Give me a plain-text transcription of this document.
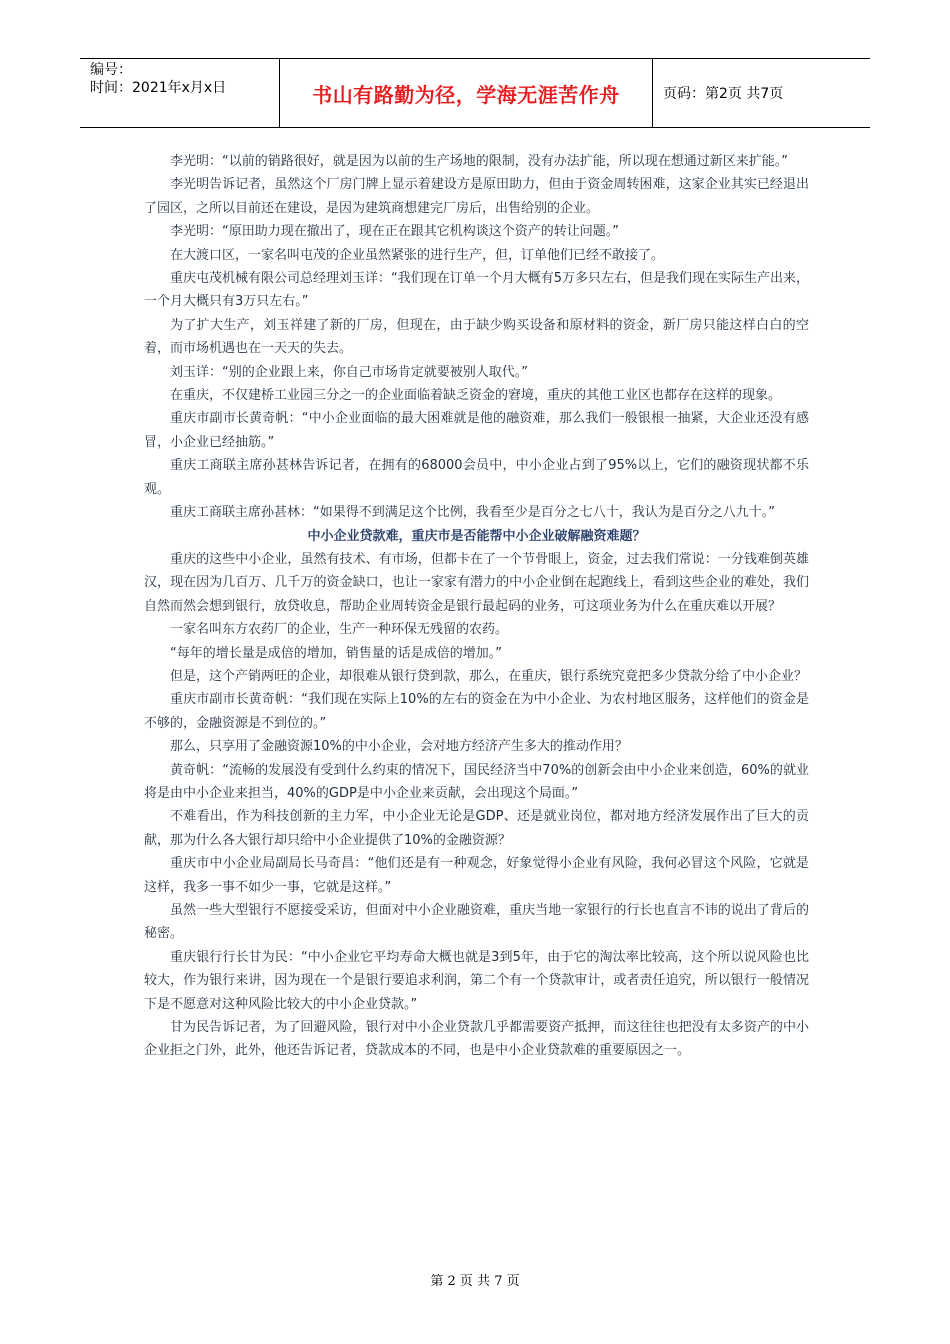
编号：
时间：2021年x月x日	书山有路勤为径，学海无涯苦作舟	页码：第2页 共7页

李光明：“以前的销路很好，就是因为以前的生产场地的限制，没有办法扩能，所以现在想通过新区来扩能。”

李光明告诉记者，虽然这个厂房门牌上显示着建设方是原田助力，但由于资金周转困难，这家企业其实已经退出了园区，之所以目前还在建设，是因为建筑商想建完厂房后，出售给别的企业。

李光明：“原田助力现在撤出了，现在正在跟其它机构谈这个资产的转让问题。”

在大渡口区，一家名叫屯茂的企业虽然紧张的进行生产，但，订单他们已经不敢接了。

重庆屯茂机械有限公司总经理刘玉详：“我们现在订单一个月大概有5万多只左右，但是我们现在实际生产出来，一个月大概只有3万只左右。”

为了扩大生产，刘玉祥建了新的厂房，但现在，由于缺少购买设备和原材料的资金，新厂房只能这样白白的空着，而市场机遇也在一天天的失去。

刘玉详：“别的企业跟上来，你自己市场肯定就要被别人取代。”

在重庆，不仅建桥工业园三分之一的企业面临着缺乏资金的窘境，重庆的其他工业区也都存在这样的现象。

重庆市副市长黄奇帆：“中小企业面临的最大困难就是他的融资难，那么我们一般银根一抽紧，大企业还没有感冒，小企业已经抽筋。”

重庆工商联主席孙甚林告诉记者，在拥有的68000会员中，中小企业占到了95%以上，它们的融资现状都不乐观。

重庆工商联主席孙甚林：“如果得不到满足这个比例，我看至少是百分之七八十，我认为是百分之八九十。”

中小企业贷款难，重庆市是否能帮中小企业破解融资难题？

重庆的这些中小企业，虽然有技术、有市场，但都卡在了一个节骨眼上，资金，过去我们常说：一分钱难倒英雄汉，现在因为几百万、几千万的资金缺口，也让一家家有潜力的中小企业倒在起跑线上，看到这些企业的难处，我们自然而然会想到银行，放贷收息，帮助企业周转资金是银行最起码的业务，可这项业务为什么在重庆难以开展？

一家名叫东方农药厂的企业，生产一种环保无残留的农药。

“每年的增长量是成倍的增加，销售量的话是成倍的增加。”

但是，这个产销两旺的企业，却很难从银行贷到款，那么，在重庆，银行系统究竟把多少贷款分给了中小企业？

重庆市副市长黄奇帆：“我们现在实际上10%的左右的资金在为中小企业、为农村地区服务，这样他们的资金是不够的，金融资源是不到位的。”

那么，只享用了金融资源10%的中小企业，会对地方经济产生多大的推动作用？

黄奇帆：“流畅的发展没有受到什么约束的情况下，国民经济当中70%的创新会由中小企业来创造，60%的就业将是由中小企业来担当，40%的GDP是中小企业来贡献，会出现这个局面。”

不难看出，作为科技创新的主力军，中小企业无论是GDP、还是就业岗位，都对地方经济发展作出了巨大的贡献，那为什么各大银行却只给中小企业提供了10%的金融资源？

重庆市中小企业局副局长马奇昌：“他们还是有一种观念，好象觉得小企业有风险，我何必冒这个风险，它就是这样，我多一事不如少一事，它就是这样。”

虽然一些大型银行不愿接受采访，但面对中小企业融资难，重庆当地一家银行的行长也直言不讳的说出了背后的秘密。

重庆银行行长甘为民：“中小企业它平均寿命大概也就是3到5年，由于它的淘汰率比较高，这个所以说风险也比较大，作为银行来讲，因为现在一个是银行要追求利润，第二个有一个贷款审计，或者责任追究，所以银行一般情况下是不愿意对这种风险比较大的中小企业贷款。”

甘为民告诉记者，为了回避风险，银行对中小企业贷款几乎都需要资产抵押，而这往往也把没有太多资产的中小企业拒之门外，此外，他还告诉记者，贷款成本的不同，也是中小企业贷款难的重要原因之一。

第 2 页 共 7 页
